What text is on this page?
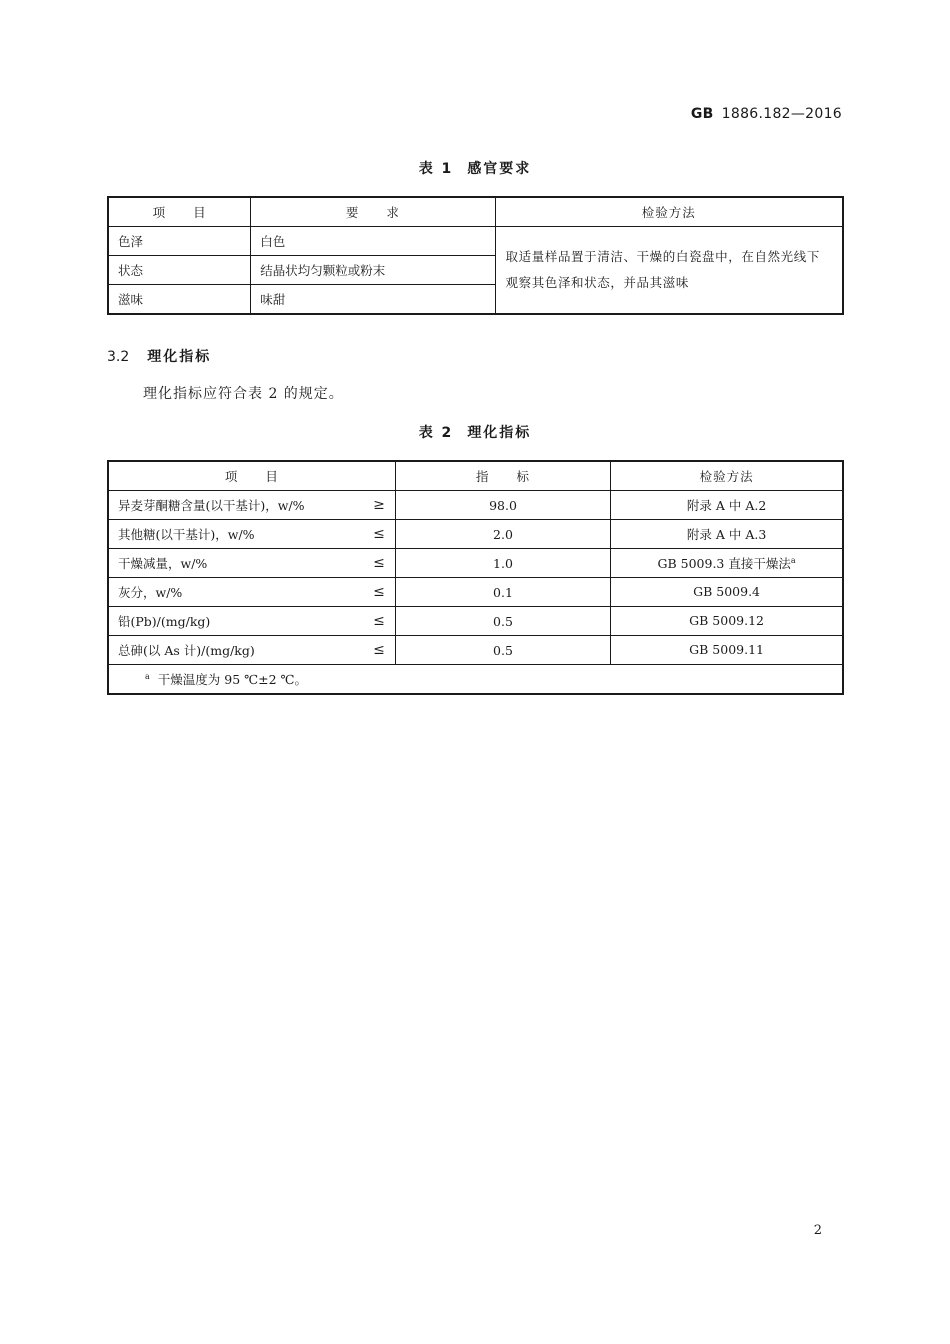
GB 1886.182—2016
表 1 感官要求
项　　目	要　　求	检验方法
色泽	白色	取适量样品置于清洁、干燥的白瓷盘中，在自然光线下观察其色泽和状态，并品其滋味
状态	结晶状均匀颗粒或粉末	
滋味	味甜	
3.2 理化指标
理化指标应符合表 2 的规定。
表 2 理化指标
项　　目	指　　标	检验方法
异麦芽酮糖含量(以干基计)，w/% ≥	98.0	附录 A 中 A.2
其他糖(以干基计)，w/% ≤	2.0	附录 A 中 A.3
干燥减量，w/% ≤	1.0	GB 5009.3 直接干燥法$^a$
灰分，w/% ≤	0.1	GB 5009.4
铅(Pb)/(mg/kg) ≤	0.5	GB 5009.12
总砷(以 As 计)/(mg/kg) ≤	0.5	GB 5009.11
$^a$ 干燥温度为 95 ℃±2 ℃。		
2
